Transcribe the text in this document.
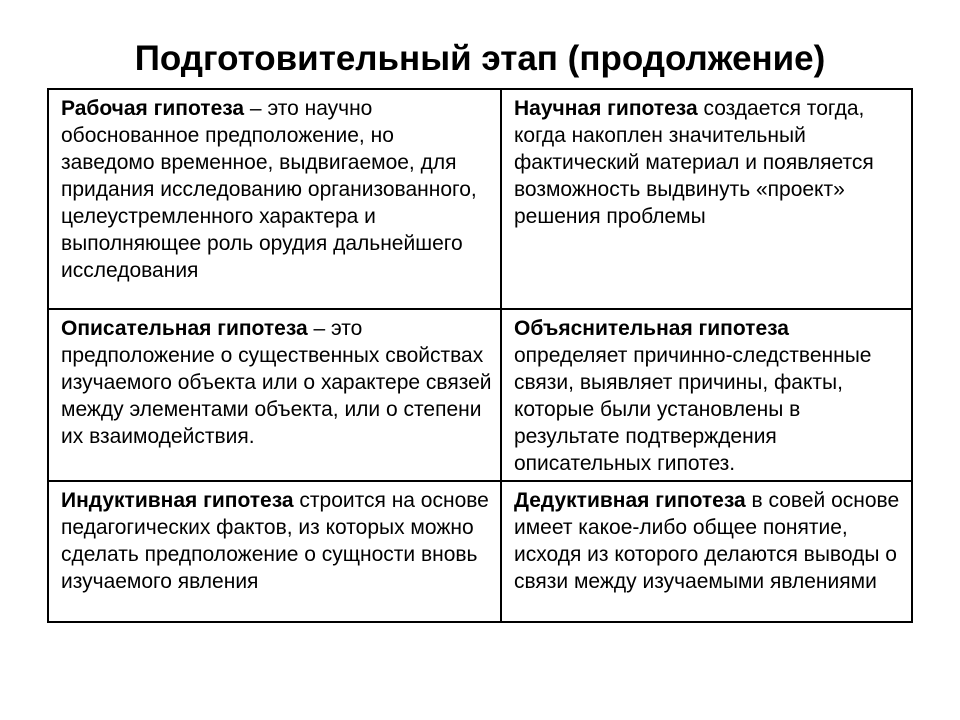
Подготовительный этап (продолжение)
Рабочая гипотеза – это научно обоснованное предположение, но заведомо временное, выдвигаемое, для придания исследованию организованного, целеустремленного характера и выполняющее роль орудия дальнейшего исследования	Научная гипотеза создается тогда, когда накоплен значительный фактический материал и появляется возможность выдвинуть «проект» решения проблемы
Описательная гипотеза – это предположение о существенных свойствах изучаемого объекта или о характере связей между элементами объекта, или о степени их взаимодействия.	Объяснительная гипотеза определяет причинно-следственные связи, выявляет причины, факты, которые были установлены в результате подтверждения описательных гипотез.
Индуктивная гипотеза строится на основе педагогических фактов, из которых можно сделать предположение о сущности вновь изучаемого явления	Дедуктивная гипотеза в совей основе имеет какое-либо общее понятие, исходя из которого делаются выводы о связи между изучаемыми явлениями
